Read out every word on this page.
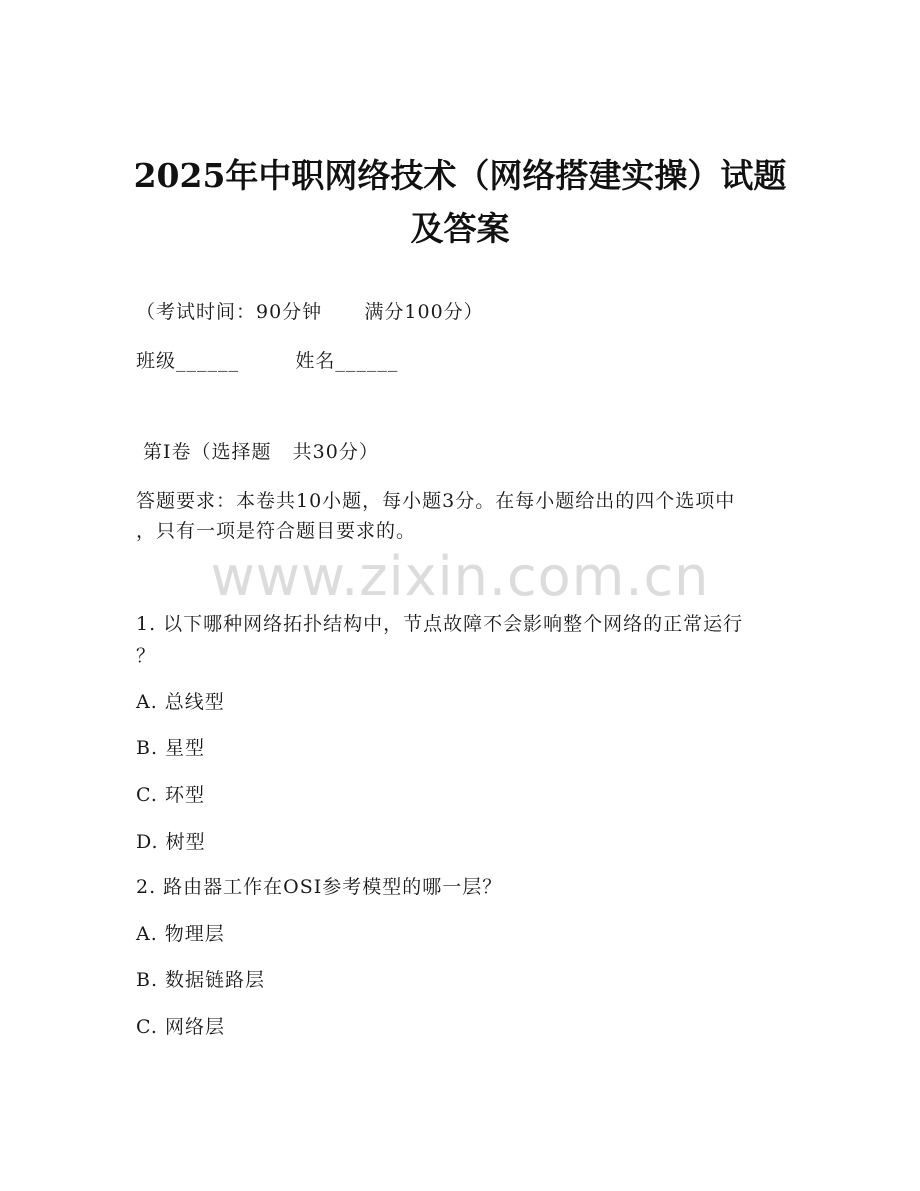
2025年中职网络技术（网络搭建实操）试题
及答案
（考试时间：90分钟      满分100分）
班级______        姓名______
第I卷（选择题   共30分）
答题要求：本卷共10小题，每小题3分。在每小题给出的四个选项中
，只有一项是符合题目要求的。
www.zixin.com.cn
1. 以下哪种网络拓扑结构中，节点故障不会影响整个网络的正常运行
？
A. 总线型
B. 星型
C. 环型
D. 树型
2. 路由器工作在OSI参考模型的哪一层？
A. 物理层
B. 数据链路层
C. 网络层
